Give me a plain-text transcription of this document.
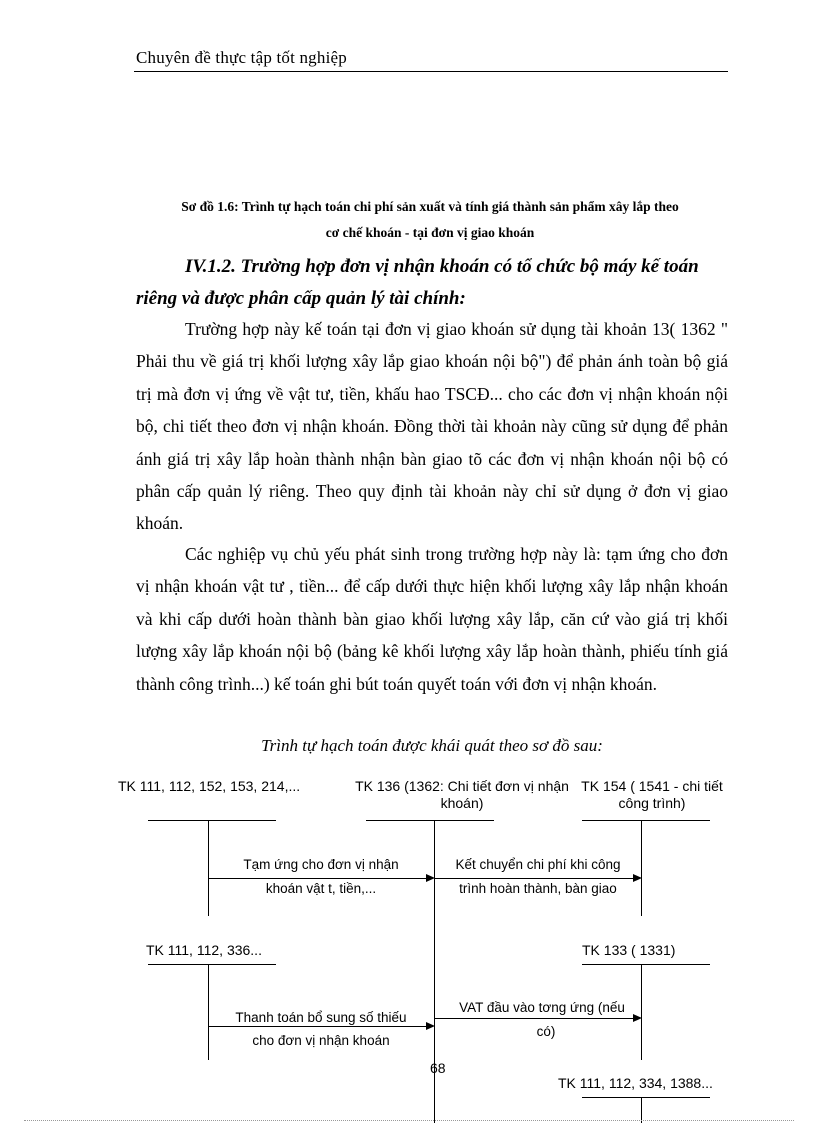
Chuyên đề thực tập tốt nghiệp
Sơ đồ 1.6: Trình tự hạch toán chi phí sản xuất và tính giá thành sản phẩm xây lắp theo
cơ chế khoán - tại đơn vị giao khoán
IV.1.2. Trường hợp đơn vị nhận khoán có tổ chức bộ máy kế toán riêng và được phân cấp quản lý tài chính:
Trường hợp này kế toán tại đơn vị giao khoán sử dụng tài khoản 13( 1362 " Phải thu về giá trị khối lượng xây lắp giao khoán nội bộ") để phản ánh toàn bộ giá trị mà đơn vị ứng về vật tư, tiền, khấu hao TSCĐ... cho các đơn vị nhận khoán nội bộ, chi tiết theo đơn vị nhận khoán. Đồng thời tài khoản này cũng sử dụng để phản ánh giá trị xây lắp hoàn thành nhận bàn giao tõ các đơn vị nhận khoán nội bộ có phân cấp quản lý riêng. Theo quy định tài khoản này chỉ sử dụng ở đơn vị giao khoán.
Các nghiệp vụ chủ yếu phát sinh trong trường hợp này là: tạm ứng cho đơn vị nhận khoán vật tư , tiền... để cấp dưới thực hiện khối lượng xây lắp nhận khoán và khi cấp dưới hoàn thành bàn giao khối lượng xây lắp, căn cứ vào giá trị khối lượng xây lắp khoán nội bộ (bảng kê khối lượng xây lắp hoàn thành, phiếu tính giá thành công trình...) kế toán ghi bút toán quyết toán với đơn vị nhận khoán.
Trình tự hạch toán được khái quát theo sơ đồ sau:
TK 111, 112, 152, 153, 214,...	TK 136 (1362: Chi tiết đơn vị nhận khoán)
TK 154 ( 1541 - chi tiết công trình)
Tạm ứng cho đơn vị nhận
khoán vật t, tiền,...
Kết chuyển chi phí khi công
trình hoàn thành, bàn giao
TK 111, 112, 336...	TK 133 ( 1331)
Thanh toán bổ sung số thiếu
cho đơn vị nhận khoán
VAT đầu vào tơng ứng (nếu
có)
TK 111, 112, 334, 1388...
68
